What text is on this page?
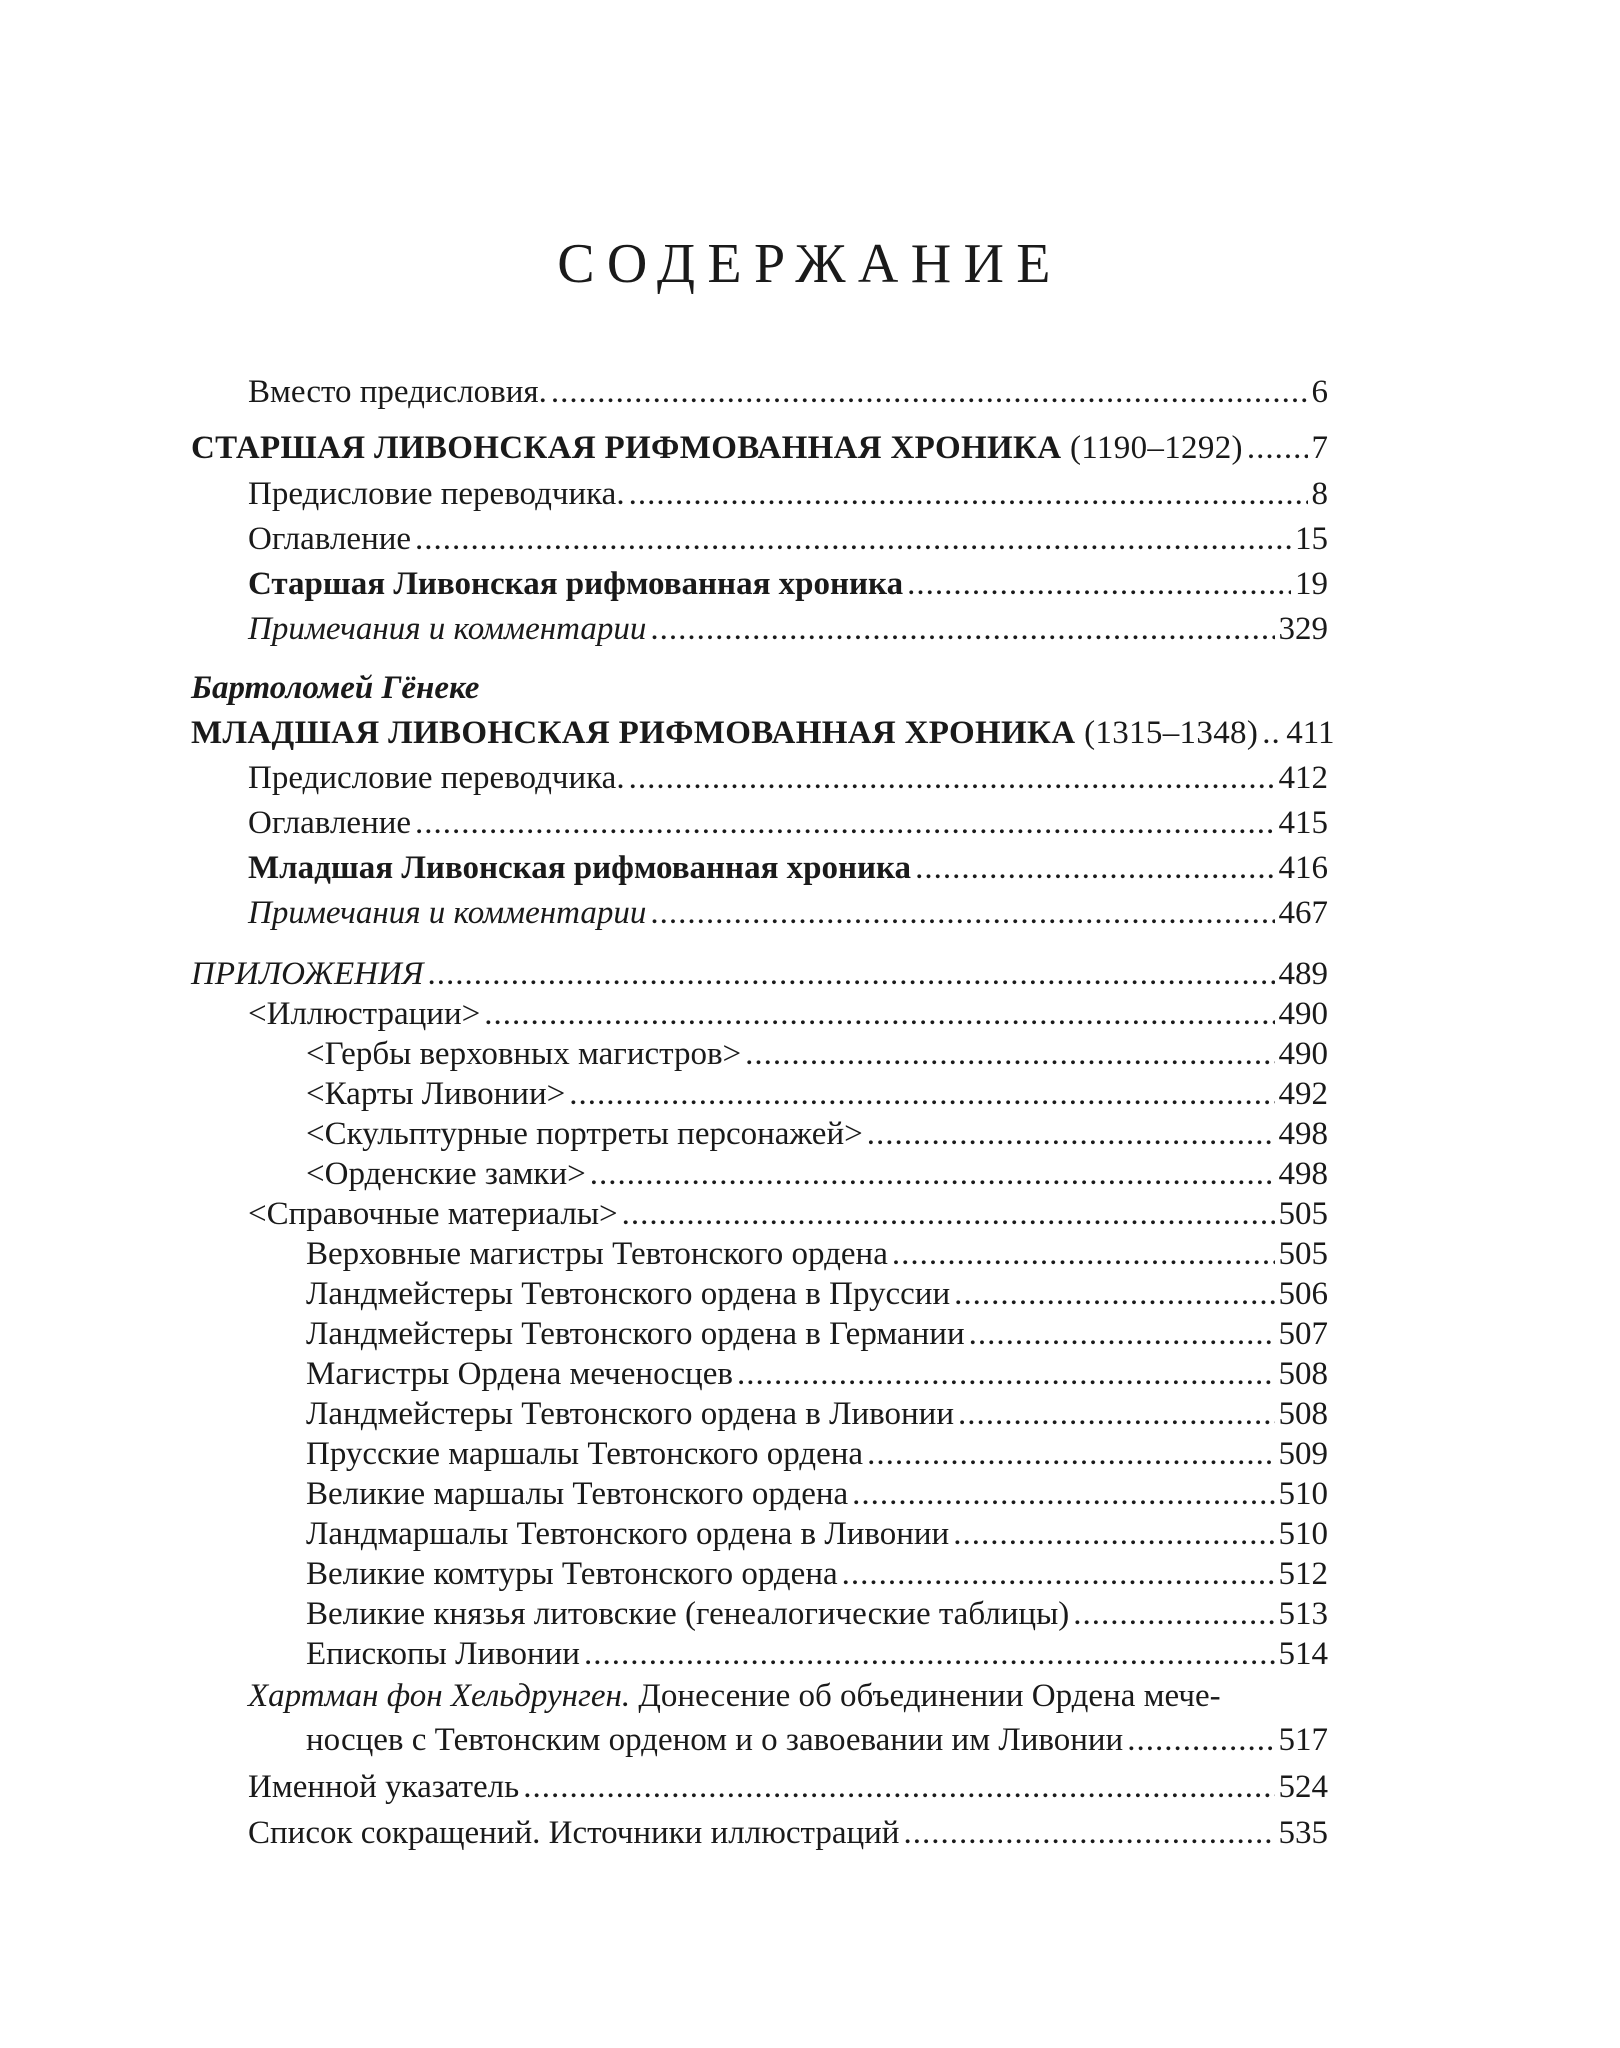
СОДЕРЖАНИЕ
Вместо предисловия. .....	6
СТАРШАЯ ЛИВОНСКАЯ РИФМОВАННАЯ ХРОНИКА (1190–1292) ..... 7
Предисловие переводчика. .....	8
Оглавление .....	15
Старшая Ливонская рифмованная хроника .....	19
Примечания и комментарии .....	329
Бартоломей Гёнеке
МЛАДШАЯ ЛИВОНСКАЯ РИФМОВАННАЯ ХРОНИКА (1315–1348) ..... 411
Предисловие переводчика. .....	412
Оглавление .....	415
Младшая Ливонская рифмованная хроника .....	416
Примечания и комментарии .....	467
ПРИЛОЖЕНИЯ .....	489
<Иллюстрации> .....	490
<Гербы верховных магистров> .....	490
<Карты Ливонии> .....	492
<Скульптурные портреты персонажей> .....	498
<Орденские замки> .....	498
<Справочные материалы> .....	505
Верховные магистры Тевтонского ордена .....	505
Ландмейстеры Тевтонского ордена в Пруссии .....	506
Ландмейстеры Тевтонского ордена в Германии .....	507
Магистры Ордена меченосцев .....	508
Ландмейстеры Тевтонского ордена в Ливонии .....	508
Прусские маршалы Тевтонского ордена .....	509
Великие маршалы Тевтонского ордена .....	510
Ландмаршалы Тевтонского ордена в Ливонии .....	510
Великие комтуры Тевтонского ордена .....	512
Великие князья литовские (генеалогические таблицы) .....	513
Епископы Ливонии .....	514
Хартман фон Хельдрунген. Донесение об объединении Ордена мече-
носцев с Тевтонским орденом и о завоевании им Ливонии .....	517
Именной указатель .....	524
Список сокращений. Источники иллюстраций .....	535
